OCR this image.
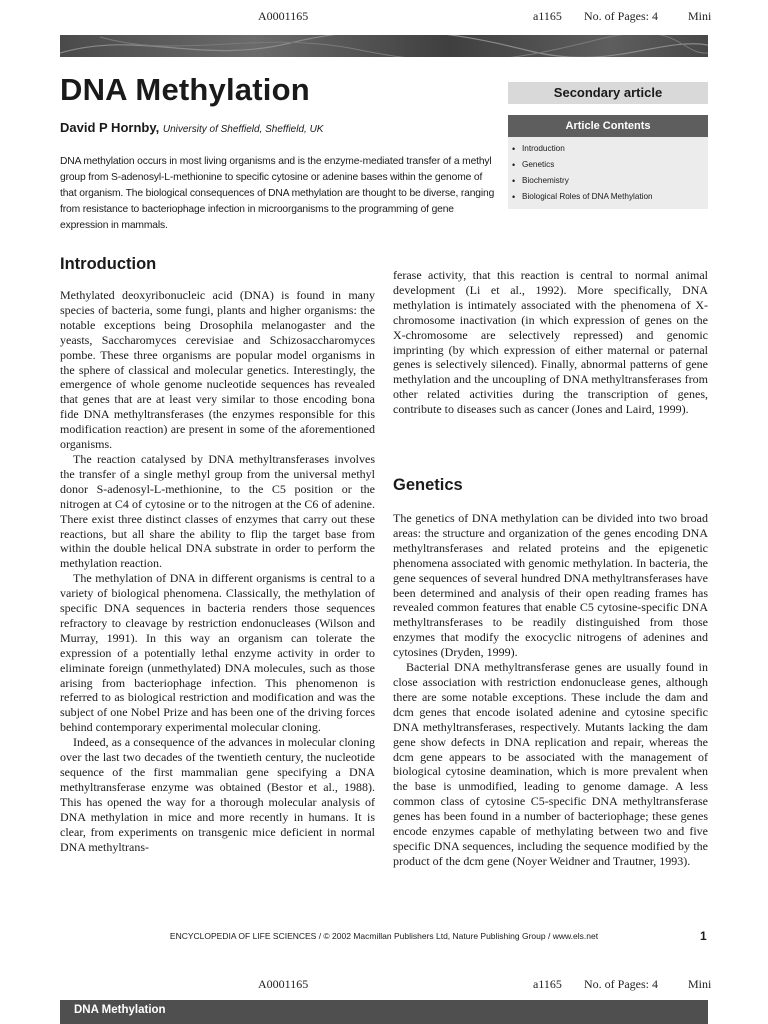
A0001165	a1165 No. of Pages: 4	Mini
DNA Methylation
David P Hornby, University of Sheffield, Sheffield, UK
DNA methylation occurs in most living organisms and is the enzyme-mediated transfer of a methyl group from S-adenosyl-L-methionine to specific cytosine or adenine bases within the genome of that organism. The biological consequences of DNA methylation are thought to be diverse, ranging from resistance to bacteriophage infection in microorganisms to the programming of gene expression in mammals.
Secondary article
Article Contents
• Introduction
• Genetics
• Biochemistry
• Biological Roles of DNA Methylation
Introduction

Methylated deoxyribonucleic acid (DNA) is found in many species of bacteria, some fungi, plants and higher organisms: the notable exceptions being Drosophila melanogaster and the yeasts, Saccharomyces cerevisiae and Schizosaccharomyces pombe. These three organisms are popular model organisms in the sphere of classical and molecular genetics. Interestingly, the emergence of whole genome nucleotide sequences has revealed that genes that are at least very similar to those encoding bona fide DNA methyltransferases (the enzymes responsible for this modification reaction) are present in some of the aforementioned organisms.

The reaction catalysed by DNA methyltransferases involves the transfer of a single methyl group from the universal methyl donor S-adenosyl-L-methionine, to the C5 position or the nitrogen at C4 of cytosine or to the nitrogen at the C6 of adenine. There exist three distinct classes of enzymes that carry out these reactions, but all share the ability to flip the target base from within the double helical DNA substrate in order to perform the methylation reaction.

The methylation of DNA in different organisms is central to a variety of biological phenomena. Classically, the methylation of specific DNA sequences in bacteria renders those sequences refractory to cleavage by restriction endonucleases (Wilson and Murray, 1991). In this way an organism can tolerate the expression of a potentially lethal enzyme activity in order to eliminate foreign (unmethylated) DNA molecules, such as those arising from bacteriophage infection. This phenomenon is referred to as biological restriction and modification and was the subject of one Nobel Prize and has been one of the driving forces behind contemporary experimental molecular cloning.

Indeed, as a consequence of the advances in molecular cloning over the last two decades of the twentieth century, the nucleotide sequence of the first mammalian gene specifying a DNA methyltransferase enzyme was obtained (Bestor et al., 1988). This has opened the way for a thorough molecular analysis of DNA methylation in mice and more recently in humans. It is clear, from experiments on transgenic mice deficient in normal DNA methyltrans-

ferase activity, that this reaction is central to normal animal development (Li et al., 1992). More specifically, DNA methylation is intimately associated with the phenomena of X-chromosome inactivation (in which expression of genes on the X-chromosome are selectively repressed) and genomic imprinting (by which expression of either maternal or paternal genes is selectively silenced). Finally, abnormal patterns of gene methylation and the uncoupling of DNA methyltransferases from other related activities during the transcription of genes, contribute to diseases such as cancer (Jones and Laird, 1999).

Genetics

The genetics of DNA methylation can be divided into two broad areas: the structure and organization of the genes encoding DNA methyltransferases and related proteins and the epigenetic phenomena associated with genomic methylation. In bacteria, the gene sequences of several hundred DNA methyltransferases have been determined and analysis of their open reading frames has revealed common features that enable C5 cytosine-specific DNA methyltransferases to be readily distinguished from those enzymes that modify the exocyclic nitrogens of adenines and cytosines (Dryden, 1999).

Bacterial DNA methyltransferase genes are usually found in close association with restriction endonuclease genes, although there are some notable exceptions. These include the dam and dcm genes that encode isolated adenine and cytosine specific DNA methyltransferases, respectively. Mutants lacking the dam gene show defects in DNA replication and repair, whereas the dcm gene appears to be associated with the management of biological cytosine deamination, which is more prevalent when the base is unmodified, leading to genome damage. A less common class of cytosine C5-specific DNA methyltransferase genes has been found in a number of bacteriophage; these genes encode enzymes capable of methylating between two and five specific DNA sequences, including the sequence modified by the product of the dcm gene (Noyer Weidner and Trautner, 1993).

ENCYCLOPEDIA OF LIFE SCIENCES / © 2002 Macmillan Publishers Ltd, Nature Publishing Group / www.els.net	1
A0001165	a1165 No. of Pages: 4	Mini
DNA Methylation
